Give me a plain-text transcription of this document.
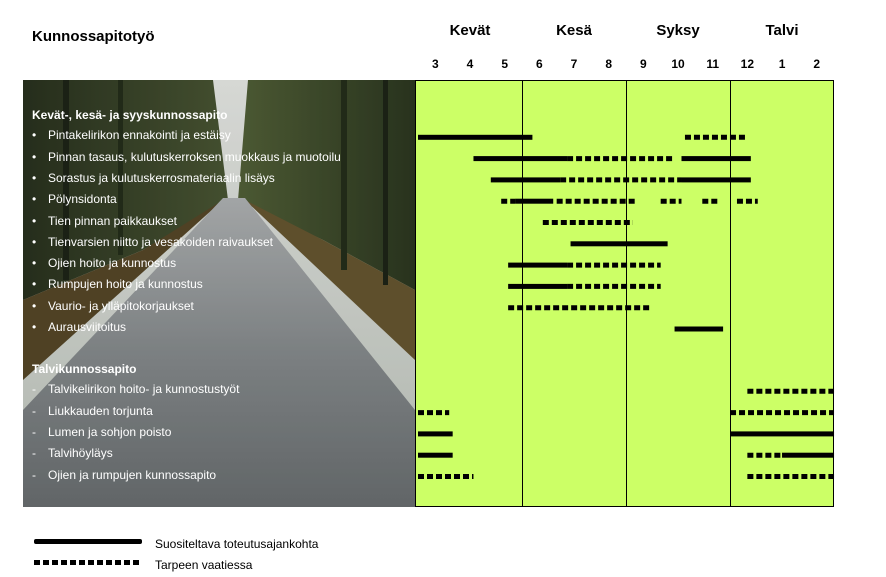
Kunnossapitotyö	Kevät	Kesä	Syksy	Talvi
3	4	5	6	7	8	9	10	11	12	1	2
Kevät-, kesä- ja syyskunnossapito
• Pintakelirikon ennakointi ja estäisy
• Pinnan tasaus, kulutuskerroksen muokkaus ja muotoilu
• Sorastus ja kulutuskerrosmateriaalin lisäys
• Pölynsidonta
• Tien pinnan paikkaukset
• Tienvarsien niitto ja vesakoiden raivaukset
• Ojien hoito ja kunnostus
• Rumpujen hoito ja kunnostus
• Vaurio- ja ylläpitokorjaukset
• Aurausviitoitus
Talvikunnossapito
- Talvikelirikon hoito- ja kunnostustyöt
- Liukkauden torjunta
- Lumen ja sohjon poisto
- Talvihöyläys
- Ojien ja rumpujen kunnossapito
Suositeltava toteutusajankohta
Tarpeen vaatiessa
